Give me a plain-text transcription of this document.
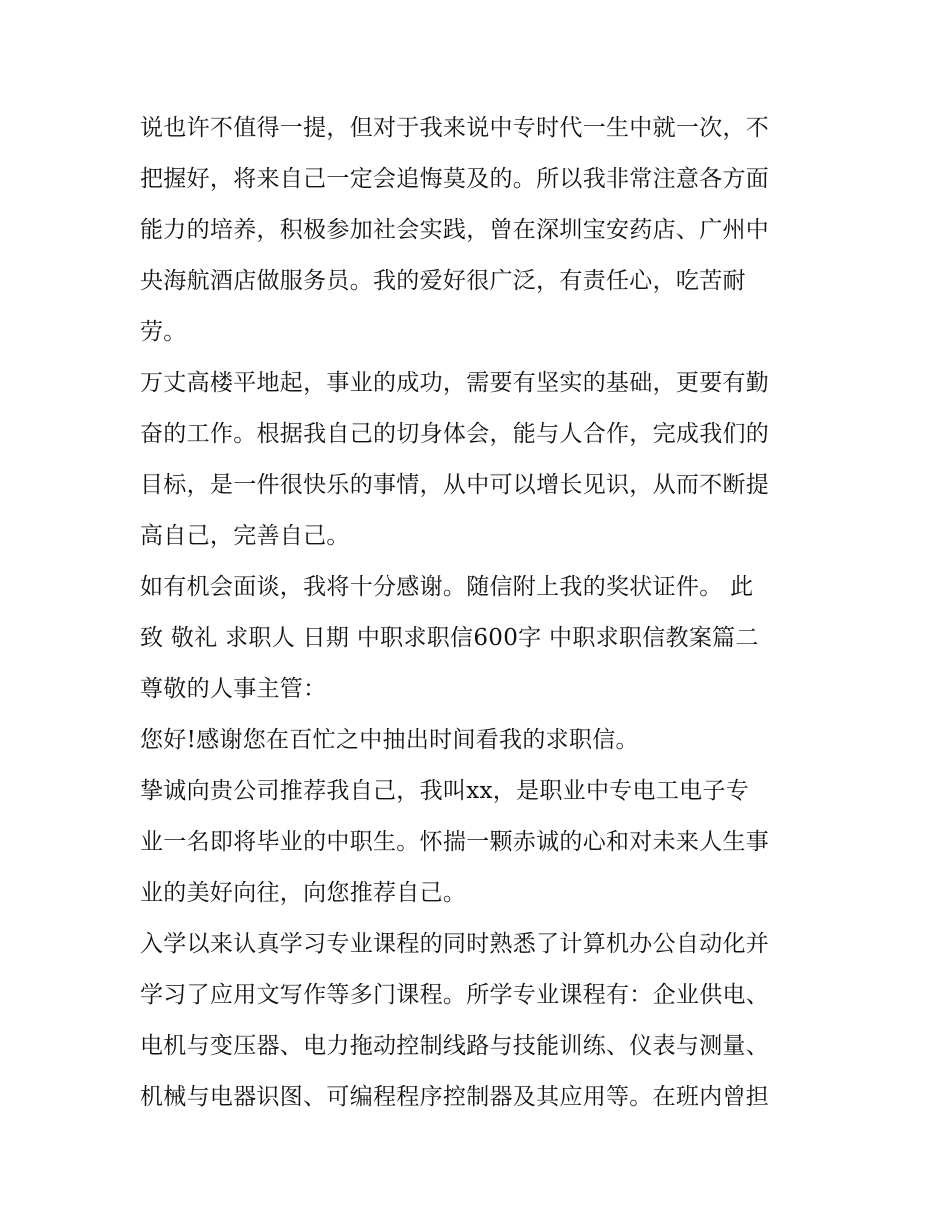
说也许不值得一提，但对于我来说中专时代一生中就一次，不
把握好，将来自己一定会追悔莫及的。所以我非常注意各方面
能力的培养，积极参加社会实践，曾在深圳宝安药店、广州中
央海航酒店做服务员。我的爱好很广泛，有责任心，吃苦耐
劳。
万丈高楼平地起，事业的成功，需要有坚实的基础，更要有勤
奋的工作。根据我自己的切身体会，能与人合作，完成我们的
目标，是一件很快乐的事情，从中可以增长见识，从而不断提
高自己，完善自己。
如有机会面谈，我将十分感谢。随信附上我的奖状证件。 此
致 敬礼 求职人 日期 中职求职信600字 中职求职信教案篇二
尊敬的人事主管：
您好!感谢您在百忙之中抽出时间看我的求职信。
挚诚向贵公司推荐我自己，我叫xx，是职业中专电工电子专
业一名即将毕业的中职生。怀揣一颗赤诚的心和对未来人生事
业的美好向往，向您推荐自己。
入学以来认真学习专业课程的同时熟悉了计算机办公自动化并
学习了应用文写作等多门课程。所学专业课程有：企业供电、
电机与变压器、电力拖动控制线路与技能训练、仪表与测量、
机械与电器识图、可编程程序控制器及其应用等。在班内曾担
